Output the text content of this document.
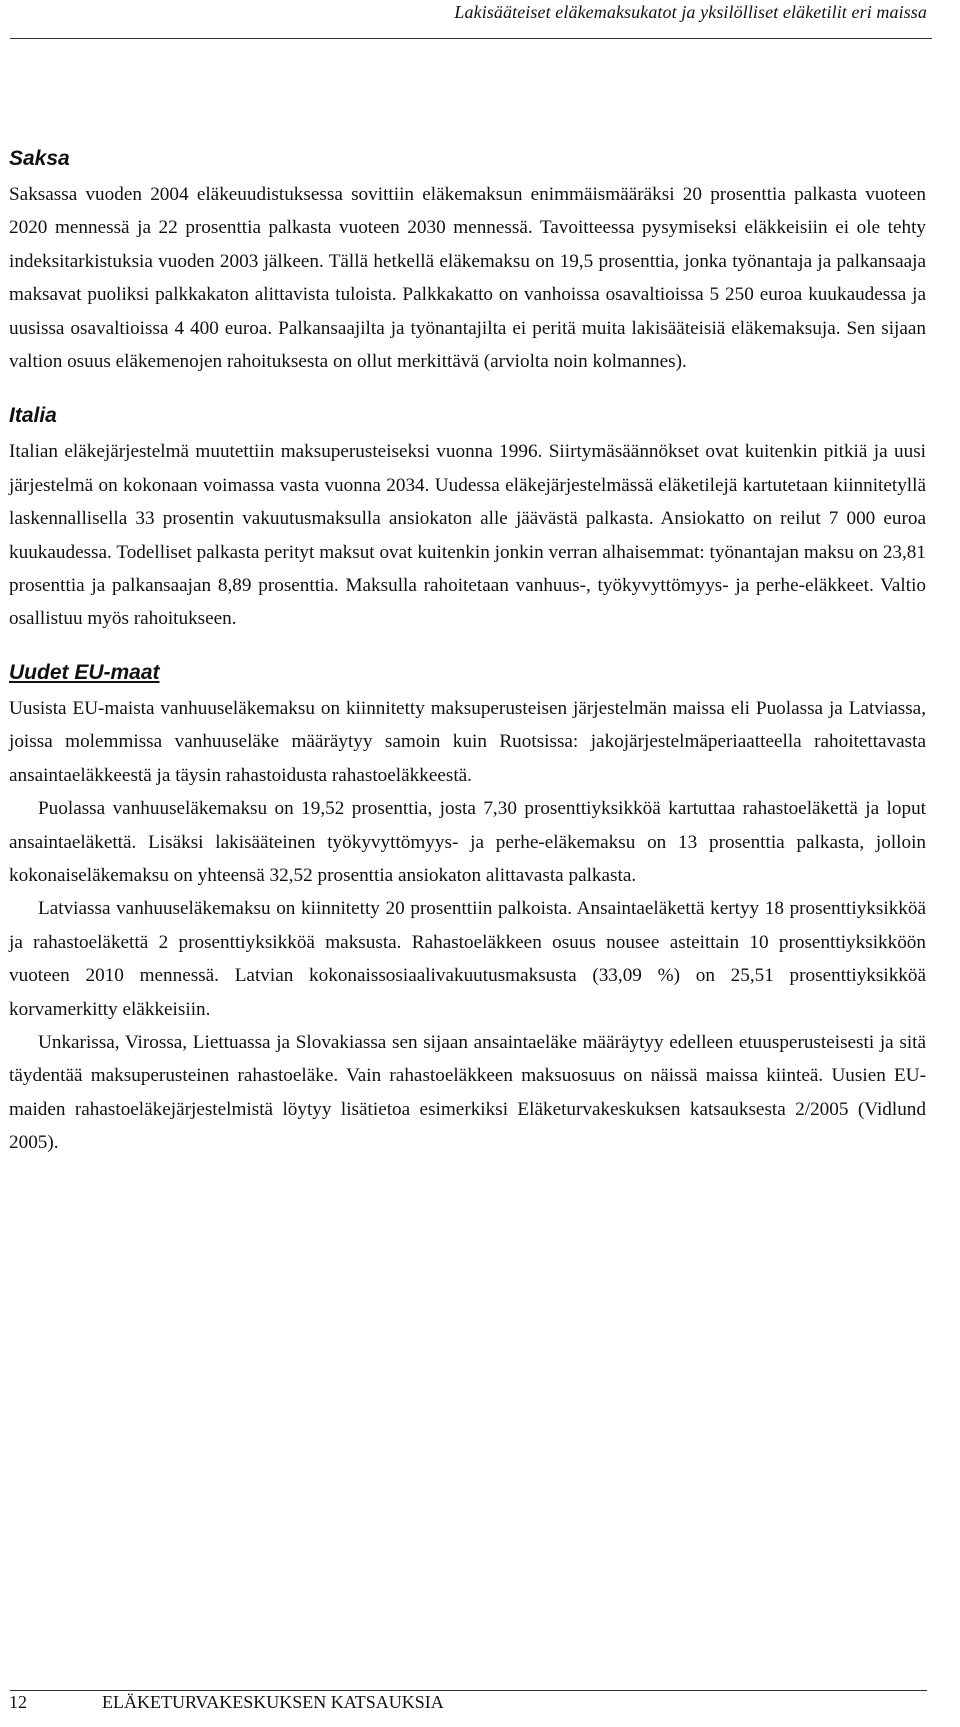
Lakisääteiset eläkemaksukatot ja yksilölliset eläketilit eri maissa
Saksa

Saksassa vuoden 2004 eläkeuudistuksessa sovittiin eläkemaksun enimmäismääräksi 20 prosenttia palkasta vuoteen 2020 mennessä ja 22 prosenttia palkasta vuoteen 2030 mennessä. Tavoitteessa pysymiseksi eläkkeisiin ei ole tehty indeksitarkistuksia vuoden 2003 jälkeen. Tällä hetkellä eläkemaksu on 19,5 prosenttia, jonka työnantaja ja palkansaaja maksavat puoliksi palkkakaton alittavista tuloista. Palkkakatto on vanhoissa osavaltioissa 5 250 euroa kuukaudessa ja uusissa osavaltioissa 4 400 euroa. Palkansaajilta ja työnantajilta ei peritä muita lakisääteisiä eläkemaksuja. Sen sijaan valtion osuus eläkemenojen rahoituksesta on ollut merkittävä (arviolta noin kolmannes).

Italia

Italian eläkejärjestelmä muutettiin maksuperusteiseksi vuonna 1996. Siirtymäsäännökset ovat kuitenkin pitkiä ja uusi järjestelmä on kokonaan voimassa vasta vuonna 2034. Uudessa eläkejärjestelmässä eläketilejä kartutetaan kiinnitetyllä laskennallisella 33 prosentin vakuutusmaksulla ansiokaton alle jäävästä palkasta. Ansiokatto on reilut 7 000 euroa kuukaudessa. Todelliset palkasta perityt maksut ovat kuitenkin jonkin verran alhaisemmat: työnantajan maksu on 23,81 prosenttia ja palkansaajan 8,89 prosenttia. Maksulla rahoitetaan vanhuus-, työkyvyttömyys- ja perhe-eläkkeet. Valtio osallistuu myös rahoitukseen.

Uudet EU-maat

Uusista EU-maista vanhuuseläkemaksu on kiinnitetty maksuperusteisen järjestelmän maissa eli Puolassa ja Latviassa, joissa molemmissa vanhuuseläke määräytyy samoin kuin Ruotsissa: jakojärjestelmäperiaatteella rahoitettavasta ansaintaeläkkeestä ja täysin rahastoidusta rahastoeläkkeestä.

Puolassa vanhuuseläkemaksu on 19,52 prosenttia, josta 7,30 prosenttiyksikköä kartuttaa rahastoeläkettä ja loput ansaintaeläkettä. Lisäksi lakisääteinen työkyvyttömyys- ja perhe-eläkemaksu on 13 prosenttia palkasta, jolloin kokonaiseläkemaksu on yhteensä 32,52 prosenttia ansiokaton alittavasta palkasta.

Latviassa vanhuuseläkemaksu on kiinnitetty 20 prosenttiin palkoista. Ansaintaeläkettä kertyy 18 prosenttiyksikköä ja rahastoeläkettä 2 prosenttiyksikköä maksusta. Rahastoeläkkeen osuus nousee asteittain 10 prosenttiyksikköön vuoteen 2010 mennessä. Latvian kokonaissosiaalivakuutusmaksusta (33,09 %) on 25,51 prosenttiyksikköä korvamerkitty eläkkeisiin.

Unkarissa, Virossa, Liettuassa ja Slovakiassa sen sijaan ansaintaeläke määräytyy edelleen etuusperusteisesti ja sitä täydentää maksuperusteinen rahastoeläke. Vain rahastoeläkkeen maksuosuus on näissä maissa kiinteä. Uusien EU-maiden rahastoeläkejärjestelmistä löytyy lisätietoa esimerkiksi Eläketurvakeskuksen katsauksesta 2/2005 (Vidlund 2005).

12	ELÄKETURVAKESKUKSEN KATSAUKSIA
